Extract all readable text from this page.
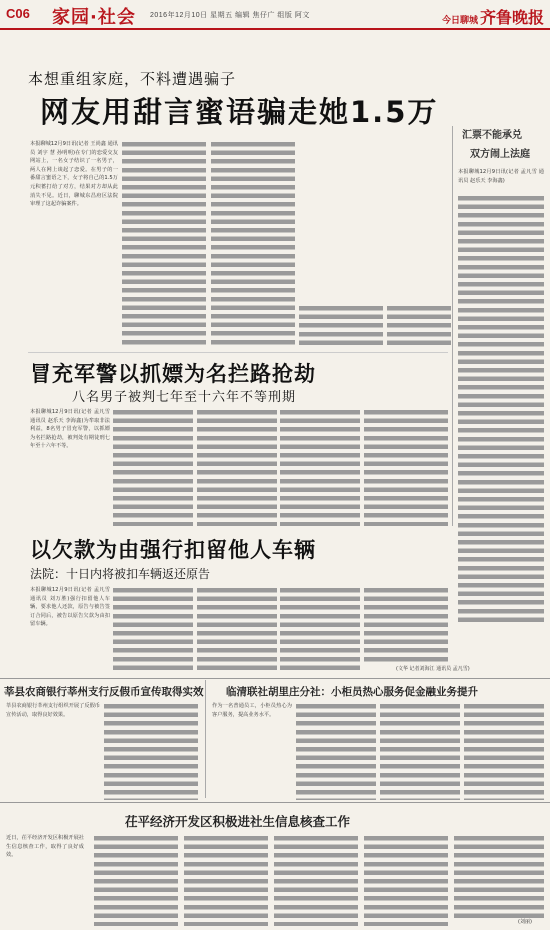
C06 家园·社会 2016年12月10日 星期五 编辑 焦仔广 组版 阿文
今日聊城 齐鲁晚报
本想重组家庭，不料遭遇骗子
网友用甜言蜜语骗走她1.5万
本报聊城12月9日讯(记者 王尚鑫 通讯员 刘宇 慧 孙明明)在专门的恋爱交友网站上，一名女子结识了一名男子，两人在网上谈起了恋爱。在男子的一番甜言蜜语之下，女子将自己的1.5万元积蓄打给了对方，结果对方却从此消失不见。近日，聊城东昌府区法院审理了这起诈骗案件。
汇票不能承兑
双方闹上法庭
本报聊城12月9日讯(记者 孟凡雪 通讯员 赵乐天 李海鑫)
冒充军警以抓嫖为名拦路抢劫
八名男子被判七年至十六年不等刑期
本报聊城12月9日讯(记者 孟凡雪 通讯员 赵乐天 李海鑫)为牟取非法利益，8名男子冒充军警，以抓嫖为名拦路抢劫，被判处有期徒刑七年至十六年不等。
以欠款为由强行扣留他人车辆
法院：十日内将被扣车辆返还原告
本报聊城12月9日讯(记者 孟凡雪 通讯员 刘万胜)强行扣留他人车辆，要求他人还款，原告与被告签订合同后，被告以原告欠款为由扣留车辆。
(文华 记者刘海江 通讯员 孟凡雪)
莘县农商银行莘州支行反假币宣传取得实效
莘县农商银行莘州支行组织开展了反假币宣传活动，取得良好效果。
临清联社胡里庄分社：小柜员热心服务促金融业务提升
作为一名普通员工，小柜员热心为客户服务，提高业务水平。
茌平经济开发区积极进社生信息核查工作
近日，茌平经济开发区积极开展社生信息核查工作，取得了良好成效。
(刘丽)
